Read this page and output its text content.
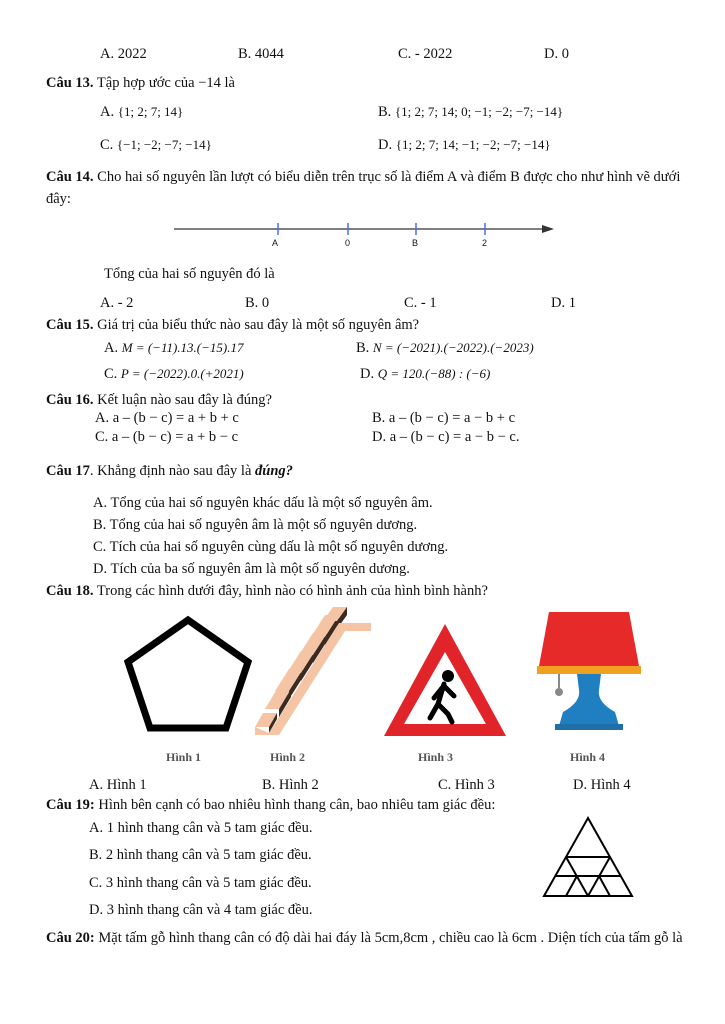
A. 2022	B. 4044	C. - 2022	D. 0
Câu 13. Tập hợp ước của −14 là
A. {1; 2; 7; 14}	B. {1; 2; 7; 14; 0; −1; −2; −7; −14}
C. {−1; −2; −7; −14}	D. {1; 2; 7; 14; −1; −2; −7; −14}
Câu 14. Cho hai số nguyên lần lượt có biểu diễn trên trục số là điểm A và điểm B được cho như hình vẽ dưới đây:
A	0	B	2
Tổng của hai số nguyên đó là
A. - 2	B. 0	C. - 1	D. 1
Câu 15. Giá trị của biểu thức nào sau đây là một số nguyên âm?
A. M = (−11).13.(−15).17	B. N = (−2021).(−2022).(−2023)
C. P = (−2022).0.(+2021)	D. Q = 120.(−88) : (−6)
Câu 16. Kết luận nào sau đây là đúng?
A. a – (b − c) = a + b + c	B. a – (b − c) = a − b + c
C. a – (b − c) = a + b − c	D. a – (b − c) = a − b − c.
Câu 17. Khẳng định nào sau đây là đúng?
A. Tổng của hai số nguyên khác dấu là một số nguyên âm.
B. Tổng của hai số nguyên âm là một số nguyên dương.
C. Tích của hai số nguyên cùng dấu là một số nguyên dương.
D. Tích của ba số nguyên âm là một số nguyên dương.
Câu 18. Trong các hình dưới đây, hình nào có hình ảnh của hình bình hành?
Hình 1	Hình 2	Hình 3	Hình 4
A. Hình 1	B. Hình 2	C. Hình 3	D. Hình 4
Câu 19: Hình bên cạnh có bao nhiêu hình thang cân, bao nhiêu tam giác đều:
A. 1 hình thang cân và 5 tam giác đều.
B. 2 hình thang cân và 5 tam giác đều.
C. 3 hình thang cân và 5 tam giác đều.
D. 3 hình thang cân và 4 tam giác đều.
Câu 20: Mặt tấm gỗ hình thang cân có độ dài hai đáy là 5cm,8cm , chiều cao là 6cm . Diện tích của tấm gỗ là
